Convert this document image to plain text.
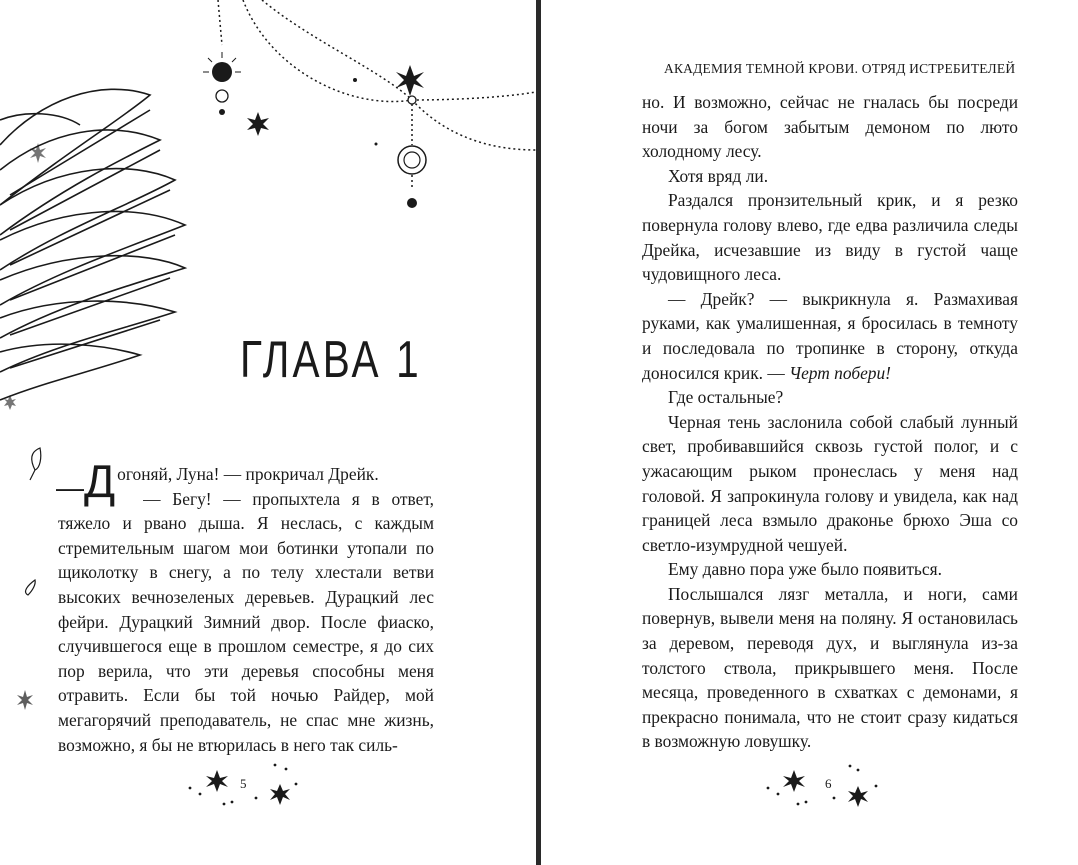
ГЛАВА 1

—Д огоняй, Луна! — прокричал Дрейк.

— Бегу! — пропыхтела я в ответ, тяжело и рвано дыша. Я неслась, с каждым стремительным шагом мои ботинки утопали по щиколотку в снегу, а по телу хлестали ветви высоких вечнозеленых деревьев. Дурацкий лес фейри. Дурацкий Зимний двор. После фиаско, случившегося еще в прошлом семестре, я до сих пор верила, что эти деревья способны меня отравить. Если бы той ночью Райдер, мой мегагорячий преподаватель, не спас мне жизнь, возможно, я бы не втюрилась в него так силь-

5
АКАДЕМИЯ ТЕМНОЙ КРОВИ. ОТРЯД ИСТРЕБИТЕЛЕЙ

но. И возможно, сейчас не гналась бы посреди ночи за богом забытым демоном по люто холодному лесу.

Хотя вряд ли.

Раздался пронзительный крик, и я резко повернула голову влево, где едва различила следы Дрейка, исчезавшие из виду в густой чаще чудовищного леса.

— Дрейк? — выкрикнула я. Размахивая руками, как умалишенная, я бросилась в темноту и последовала по тропинке в сторону, откуда доносился крик. — Черт побери!

Где остальные?

Черная тень заслонила собой слабый лунный свет, пробивавшийся сквозь густой полог, и с ужасающим рыком пронеслась у меня над головой. Я запрокинула голову и увидела, как над границей леса взмыло драконье брюхо Эша со светло-изумрудной чешуей.

Ему давно пора уже было появиться.

Послышался лязг металла, и ноги, сами повернув, вывели меня на поляну. Я остановилась за деревом, переводя дух, и выглянула из-за толстого ствола, прикрывшего меня. После месяца, проведенного в схватках с демонами, я прекрасно понимала, что не стоит сразу кидаться в возможную ловушку.

6
